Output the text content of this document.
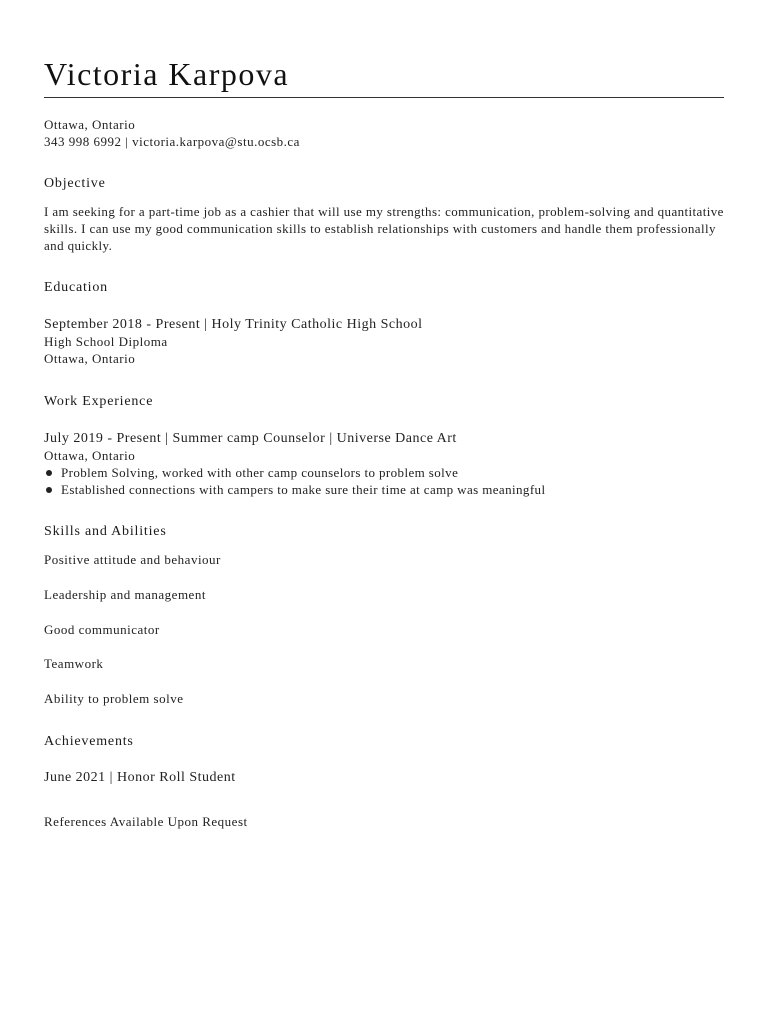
Victoria Karpova
Ottawa, Ontario
343 998 6992 | victoria.karpova@stu.ocsb.ca
Objective
I am seeking for a part-time job as a cashier that will use my strengths: communication, problem-solving and quantitative skills. I can use my good communication skills to establish relationships with customers and handle them professionally and quickly.
Education
September 2018 - Present | Holy Trinity Catholic High School
High School Diploma
Ottawa, Ontario
Work Experience
July 2019 - Present | Summer camp Counselor | Universe Dance Art
Ottawa, Ontario
Problem Solving, worked with other camp counselors to problem solve
Established connections with campers to make sure their time at camp was meaningful
Skills and Abilities
Positive attitude and behaviour
Leadership and management
Good communicator
Teamwork
Ability to problem solve
Achievements
June 2021 | Honor Roll Student
References Available Upon Request
